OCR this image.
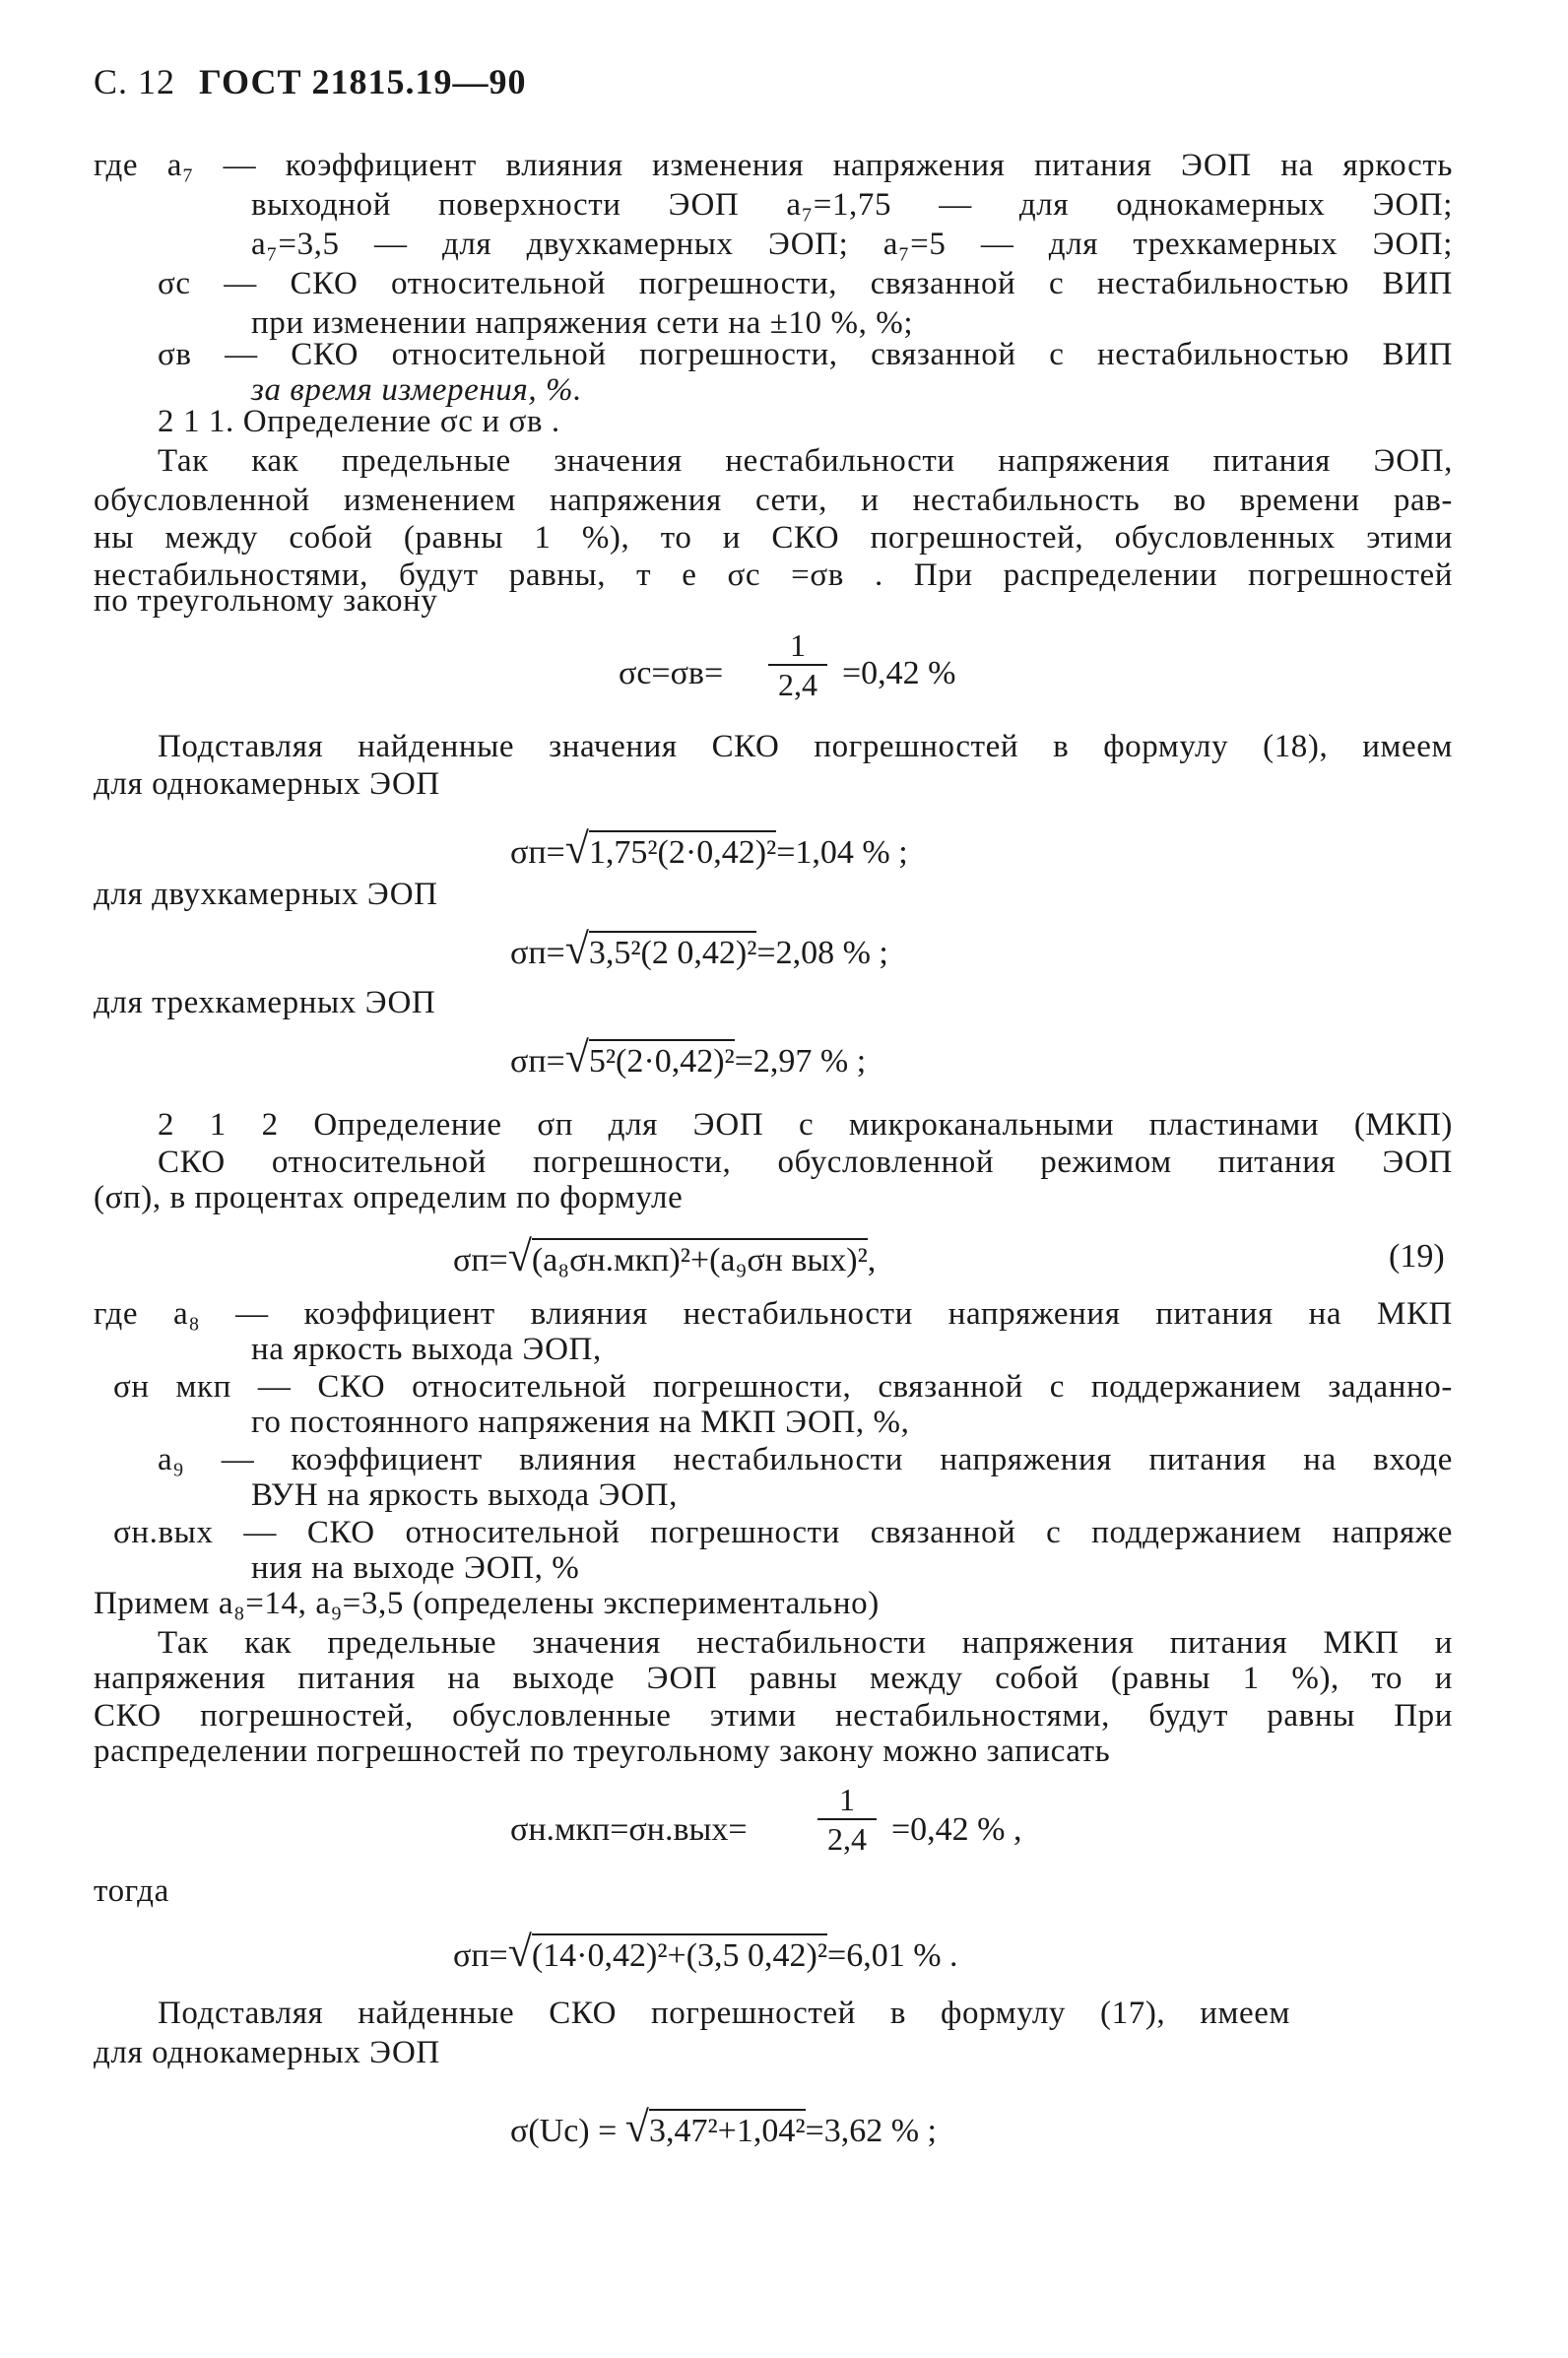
С. 12 ГОСТ 21815.19—90
где a₇ — коэффициент влияния изменения напряжения питания ЭОП на яркость
выходной поверхности ЭОП a₇=1,75 — для однокамерных ЭОП;
a₇=3,5 — для двухкамерных ЭОП; a₇=5 — для трехкамерных ЭОП;
σс — СКО относительной погрешности, связанной с нестабильностью ВИП
при изменении напряжения сети на ±10 %, %;
σв — СКО относительной погрешности, связанной с нестабильностью ВИП
за время измерения, %.
2 1 1. Определение σс и σв .
Так как предельные значения нестабильности напряжения питания ЭОП,
обусловленной изменением напряжения сети, и нестабильность во времени рав-
ны между собой (равны 1 %), то и СКО погрешностей, обусловленных этими
нестабильностями, будут равны, т е σс =σв . При распределении погрешностей
по треугольному закону
$\sigma с=\sigma в= \frac{1}{2,4} =0,42$ %
Подставляя найденные значения СКО погрешностей в формулу (18), имеем
для однокамерных ЭОП
σп=√1,75²(2·0,42)²=1,04 % ;
для двухкамерных ЭОП
σп=√3,5²(2 0,42)²=2,08 % ;
для трехкамерных ЭОП
σп=√5²(2·0,42)²=2,97 % ;
2 1 2 Определение σп для ЭОП с микроканальными пластинами (МКП)
СКО относительной погрешности, обусловленной режимом питания ЭОП
(σп), в процентах определим по формуле
σп=√(a₈σн.мкп)²+(a₉σн вых)²,	(19)
где a₈ — коэффициент влияния нестабильности напряжения питания на МКП
на яркость выхода ЭОП,
σн мкп — СКО относительной погрешности, связанной с поддержанием заданно-
го постоянного напряжения на МКП ЭОП, %,
a₉ — коэффициент влияния нестабильности напряжения питания на входе
ВУН на яркость выхода ЭОП,
σн.вых — СКО относительной погрешности связанной с поддержанием напряже
ния на выходе ЭОП, %
Примем a₈=14, a₉=3,5 (определены экспериментально)
Так как предельные значения нестабильности напряжения питания МКП и
напряжения питания на выходе ЭОП равны между собой (равны 1 %), то и
СКО погрешностей, обусловленные этими нестабильностями, будут равны При
распределении погрешностей по треугольному закону можно записать
$\sigma н.мкп=\sigma н.вых= \frac{1}{2,4} =0,42$ % ,
тогда
σп=√(14·0,42)²+(3,5 0,42)²=6,01 % .
Подставляя найденные СКО погрешностей в формулу (17), имеем
для однокамерных ЭОП
σ(Uс) = √3,47²+1,04²=3,62 % ;
